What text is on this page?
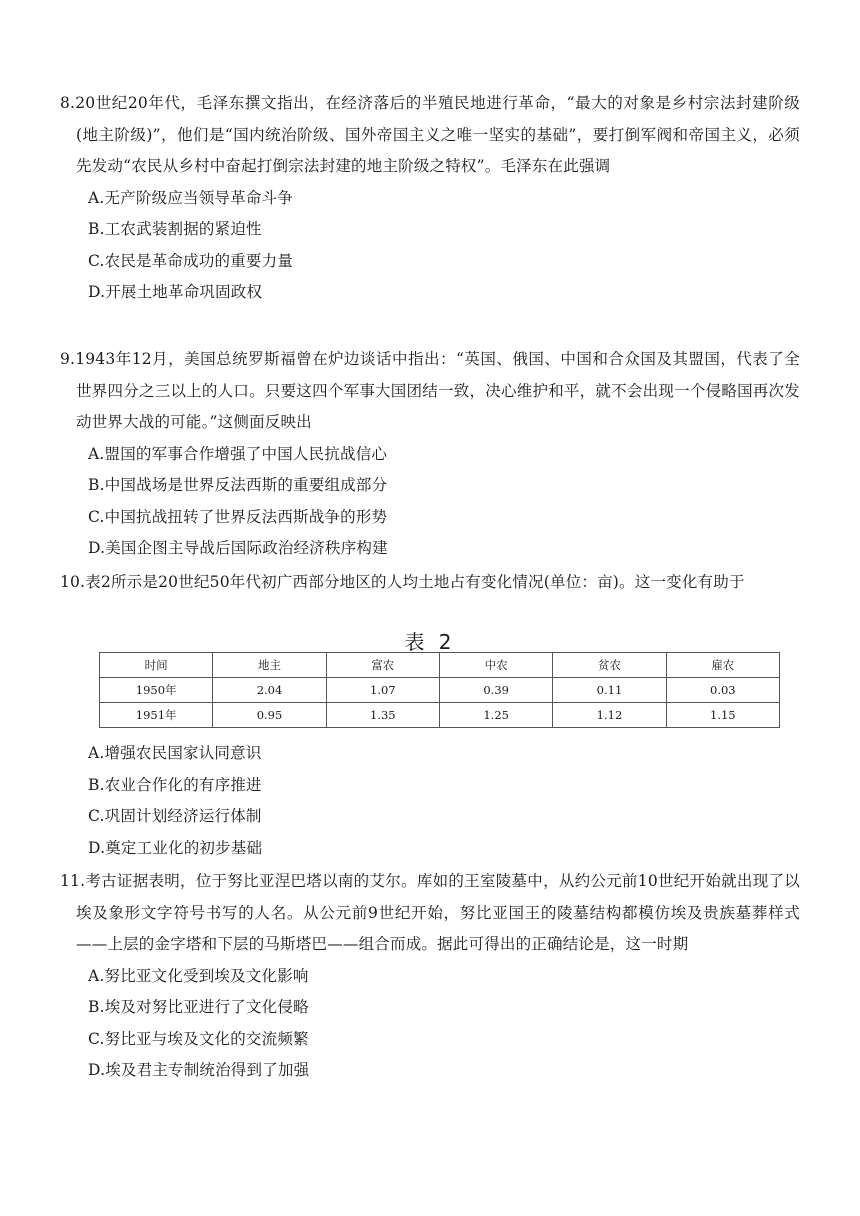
8.20世纪20年代，毛泽东撰文指出，在经济落后的半殖民地进行革命，“最大的对象是乡村宗法封建阶级(地主阶级)”，他们是“国内统治阶级、国外帝国主义之唯一坚实的基础”，要打倒军阀和帝国主义，必须先发动“农民从乡村中奋起打倒宗法封建的地主阶级之特权”。毛泽东在此强调
A.无产阶级应当领导革命斗争
B.工农武装割据的紧迫性
C.农民是革命成功的重要力量
D.开展土地革命巩固政权
9.1943年12月，美国总统罗斯福曾在炉边谈话中指出：“英国、俄国、中国和合众国及其盟国，代表了全世界四分之三以上的人口。只要这四个军事大国团结一致，决心维护和平，就不会出现一个侵略国再次发动世界大战的可能。”这侧面反映出
A.盟国的军事合作增强了中国人民抗战信心
B.中国战场是世界反法西斯的重要组成部分
C.中国抗战扭转了世界反法西斯战争的形势
D.美国企图主导战后国际政治经济秩序构建
10.表2所示是20世纪50年代初广西部分地区的人均土地占有变化情况(单位：亩)。这一变化有助于
表 2
时间	地主	富农	中农	贫农	雇农
1950年	2.04	1.07	0.39	0.11	0.03
1951年	0.95	1.35	1.25	1.12	1.15
A.增强农民国家认同意识
B.农业合作化的有序推进
C.巩固计划经济运行体制
D.奠定工业化的初步基础
11.考古证据表明，位于努比亚涅巴塔以南的艾尔。库如的王室陵墓中，从约公元前10世纪开始就出现了以埃及象形文字符号书写的人名。从公元前9世纪开始，努比亚国王的陵墓结构都模仿埃及贵族墓葬样式——上层的金字塔和下层的马斯塔巴——组合而成。据此可得出的正确结论是，这一时期
A.努比亚文化受到埃及文化影响
B.埃及对努比亚进行了文化侵略
C.努比亚与埃及文化的交流频繁
D.埃及君主专制统治得到了加强
